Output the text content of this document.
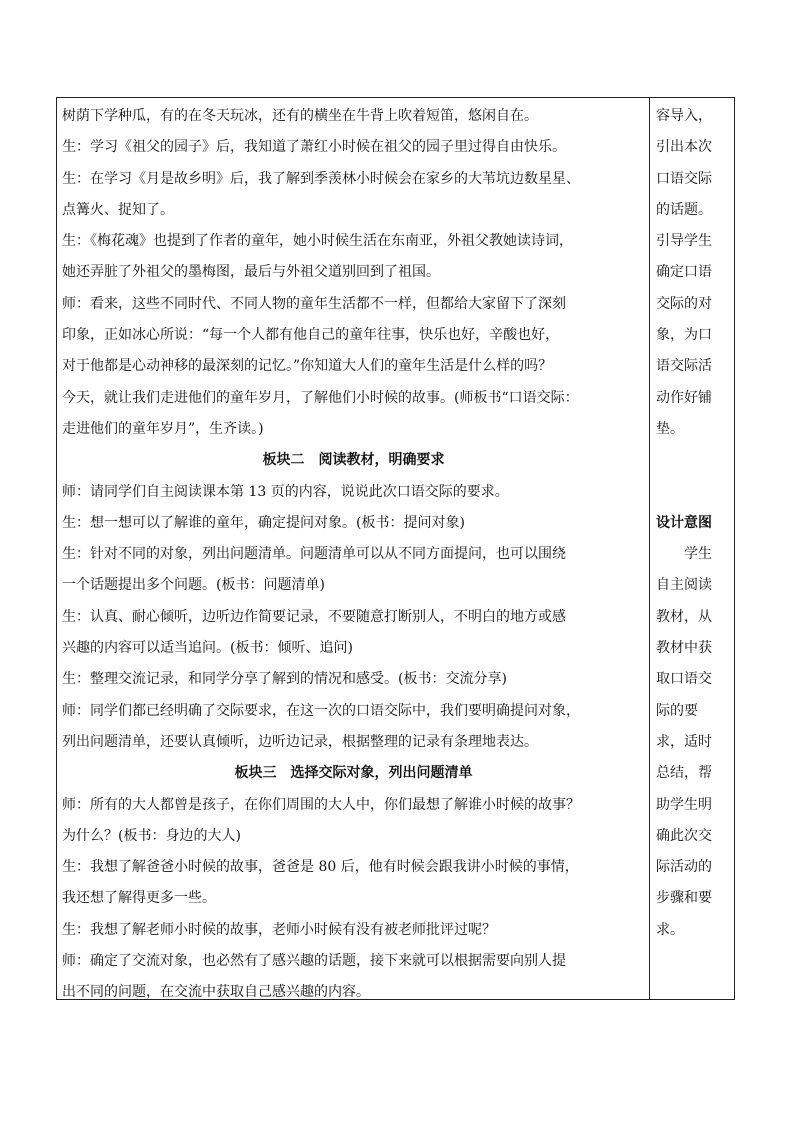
树荫下学种瓜，有的在冬天玩冰，还有的横坐在牛背上吹着短笛，悠闲自在。
生：学习《祖父的园子》后，我知道了萧红小时候在祖父的园子里过得自由快乐。
生：在学习《月是故乡明》后，我了解到季羡林小时候会在家乡的大苇坑边数星星、
点篝火、捉知了。
生：《梅花魂》也提到了作者的童年，她小时候生活在东南亚，外祖父教她读诗词，
她还弄脏了外祖父的墨梅图，最后与外祖父道别回到了祖国。
师：看来，这些不同时代、不同人物的童年生活都不一样，但都给大家留下了深刻
印象，正如冰心所说：“每一个人都有他自己的童年往事，快乐也好，辛酸也好，
对于他都是心动神移的最深刻的记忆。”你知道大人们的童年生活是什么样的吗？
今天，就让我们走进他们的童年岁月，了解他们小时候的故事。(师板书“口语交际：
走进他们的童年岁月”，生齐读。)
板块二　阅读教材，明确要求
师：请同学们自主阅读课本第 13 页的内容，说说此次口语交际的要求。
生：想一想可以了解谁的童年，确定提问对象。(板书：提问对象)
生：针对不同的对象，列出问题清单。问题清单可以从不同方面提问，也可以围绕
一个话题提出多个问题。(板书：问题清单)
生：认真、耐心倾听，边听边作简要记录，不要随意打断别人，不明白的地方或感
兴趣的内容可以适当追问。(板书：倾听、追问)
生：整理交流记录，和同学分享了解到的情况和感受。(板书：交流分享)
师：同学们都已经明确了交际要求，在这一次的口语交际中，我们要明确提问对象，
列出问题清单，还要认真倾听，边听边记录，根据整理的记录有条理地表达。
板块三　选择交际对象，列出问题清单
师：所有的大人都曾是孩子，在你们周围的大人中，你们最想了解谁小时候的故事？
为什么？(板书：身边的大人)
生：我想了解爸爸小时候的故事，爸爸是 80 后，他有时候会跟我讲小时候的事情，
我还想了解得更多一些。
生：我想了解老师小时候的故事，老师小时候有没有被老师批评过呢？
师：确定了交流对象，也必然有了感兴趣的话题，接下来就可以根据需要向别人提
出不同的问题，在交流中获取自己感兴趣的内容。
容导入，
引出本次
口语交际
的话题。
引导学生
确定口语
交际的对
象，为口
语交际活
动作好铺
垫。
设计意图
学生
自主阅读
教材，从
教材中获
取口语交
际的要
求，适时
总结，帮
助学生明
确此次交
际活动的
步骤和要
求。
